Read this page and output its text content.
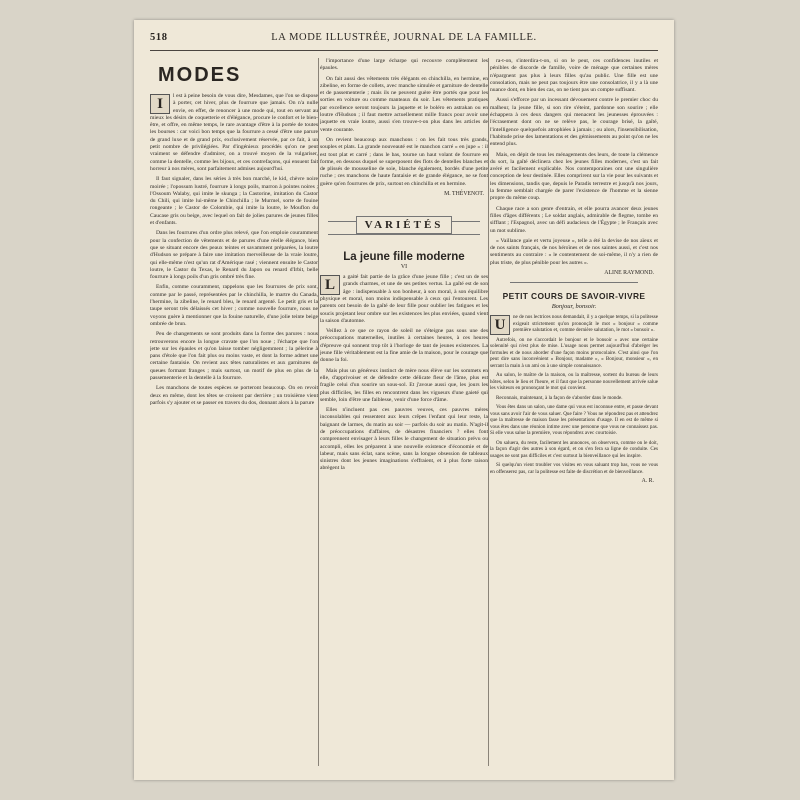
LA MODE ILLUSTRÉE, JOURNAL DE LA FAMILLE.
518
MODES

I	l est à peine besoin de vous dire, Mesdames, que l'on se dispose à porter, cet hiver, plus de fourrure que jamais. On n'a nulle envie, en effet, de renoncer à une mode qui, tout en servant au mieux les désirs de coquetterie et d'élégance, procure le confort et le bien-être, et offre, en même temps, le rare avantage d'être à la portée de toutes les bourses : car voici bon temps que la fourrure a cessé d'être une parure de grand luxe et de grand prix, exclusivement réservée, par ce fait, à un petit nombre de privilégiées. Par d'ingénieux procédés qu'on ne peut vraiment se défendre d'admirer, on a trouvé moyen de la vulgariser, comme la dentelle, comme les bijoux, et ces contrefaçons, qui ensuent fait horreur à nos mères, sont parfaitement admises aujourd'hui.

Il faut signaler, dans les séries à très bon marché, le kid, chèvre noire moirée ; l'opossum lustré, fourrure à longs poils, marron à pointes noires ; l'Ossoum Walaby, qui imite le skunga ; la Castorine, imitation du Castor du Chili, qui imite lui-même le Chinchilla ; le Murmel, sorte de fouine rongeante ; le Castor de Colombie, qui imite la loutre, le Mouflon du Caucase gris ou beige, avec lequel on fait de jolies parures de jeunes filles et d'enfants.

Dans les fourrures d'un ordre plus relevé, que l'on emploie couramment pour la confection de vêtements et de parures d'une réelle élégance, bien que se situant encore des peaux teintes et savamment préparées, la loutre d'Hudson se prépare à faire une imitation merveilleuse de la vraie loutre, qui elle-même n'est qu'un rat d'Amérique rasé ; viennent ensuite le Castor loutre, le Castor du Texas, le Renard du Japon ou renard d'Irbit, belle fourrure à longs poils d'un gris ombré très fine.

Enfin, comme couramment, rappelons que les fourrures de prix sont, comme par le passé, représentées par le chinchilla, le martre du Canada, l'hermine, la zibeline, le renard bleu, le renard argenté. Le petit gris et la taupe seront très délaissés cet hiver ; comme nouvelle fourrure, nous ne voyons guère à mentionner que la fouine naturelle, d'une jolie teinte beige ombrée de brun.

Peu de changements se sont produits dans la forme des parures : nous retrouverons encore la longue cravate que l'on noue ; l'écharpe que l'on jette sur les épaules et qu'on laisse tomber négligemment ; la pèlerine à pans d'étole que l'on fait plus ou moins vaste, et dont la forme admet une certaine fantaisie. On revient aux têtes naturalistes et aux garnitures de queues formant franges ; mais surtout, un motif de plus en plus de la passementerie et la dentelle à la fourrure.

Les manchons de toutes espèces se porteront beaucoup. On en revoit deux en même, dont les têtes se croisent par derrière ; un troisième vient parfois s'y ajouter et se passer en travers du dos, donnant alors à la parure

l'importance d'une large écharpe qui recouvre complètement les épaules.

On fait aussi des vêtements très élégants en chinchilla, en hermine, en zibeline, en forme de collets, avec manche simulée et garniture de dentelle et de passementerie ; mais ils ne peuvent guère être portés que pour les sorties en voiture ou comme manteaux du soir. Les vêtements pratiques par excellence seront toujours la jaquette et le boléro en astrakan ou en loutre d'Hudson ; il faut mettre actuellement mille francs pour avoir une jaquette en vraie loutre, aussi s'en trouve-t-on plus dans les articles de vente courante.

On revient beaucoup aux manchons : on les fait tous très grands, souples et plats. La grande nouveauté est le manchon carré « en jupe » : il est tout plat et carré ; dans le bas, tourne un haut volant de fourrure en forme, en dessous duquel se superposent des flots de dentelles blanches et de plissés de mousseline de soie, blanche également, bordés d'une petite ruche ; ces manchons de haute fantaisie et de grande élégance, ne se font guère qu'en fourrures de prix, surtout en chinchilla et en hermine.

M. THÉVENOT.
VARIÉTÉS
La jeune fille moderne
VI

L	a gaité fait partie de la grâce d'une jeune fille ; c'est un de ses grands charmes, et une de ses petites vertus. La gaîté est de son âge : indispensable à son bonheur, à son moral, à son équilibre physique et moral, non moins indispensable à ceux qui l'entourent. Les parents ont besoin de la gaîté de leur fille pour oublier les fatigues et les soucis projetant leur ombre sur les existences les plus enviées, quand vient la saison d'automne.

Veillez à ce que ce rayon de soleil ne s'éteigne pas sous une des préoccupations maternelles, inutiles à certaines heures, à ces heures d'épreuve qui sonnent trop tôt à l'horloge de tant de jeunes existences. La jeune fille véritablement est la fine amie de la maison, pour le courage que donne la foi.

Mais plus un généreux instinct de mère nous élève sur les sommets en elle, d'apprivoiser et de défendre cette délicate fleur de l'âme, plus est fragile celui d'un sourire un sous-sol. Et j'avoue aussi que, les jours les plus difficiles, les filles en rencontrent dans les vigueurs d'une gaieté qui semble, loin d'être une faiblesse, venir d'une force d'âme.

Elles n'incluent pas ces pauvres veuves, ces pauvres mères inconsolables qui ressentent aux leurs crêpes l'enfant qui leur reste, la baignant de larmes, du matin au soir — parfois du soir au matin. N'agit-il de préoccupations d'affaires, de désastres financiers ? elles font comprennent envisager à leurs filles le changement de situation prévu ou accompli, elles les préparent à une nouvelle existence d'économie et de labeur, mais sans éclat, sans scène, sans la longue obsession de tableaux sinistres dont les jeunes imaginations s'effraient, et à plus forte raison abrègent la

ra-t-on, s'interdira-t-on, si on le peut, ces confidences inutiles et pénibles de discorde de famille, voire de ménage que certaines mères n'épargnent pas plus à leurs filles qu'au public. Une fille est une consolation, mais ne peut pas toujours être une consolatrice, il y a là une nuance dont, en bien des cas, on ne tient pas un compte suffisant.

Aussi s'efforce par un incessant dévouement contre le premier choc du malheur, la jeune fille, si son rire s'éteint, pardonne son sourire ; elle échappera à ces deux dangers qui menacent les jeunesses éprouvées : l'écrasement dont on ne se relève pas, le courage brisé, la gaîté, l'intelligence quelquefois atrophiées à jamais ; ou alors, l'insensibilisation, l'habitude prise des lamentations et des gémissements au point qu'on ne les entend plus.

Mais, en dépit de tous les ménagements des leurs, de toute la clémence du sort, la gaîté déclinera chez les jeunes filles modernes, c'est un fait avéré et facilement explicable. Nos contemporaines ont une singulière conception de leur destinée. Elles comprirent sur la vie pour les suivants et les dimensions, tandis que, depuis le Paradis terrestre et jusqu'à nos jours, la femme semblait chargée de parer l'existence de l'homme et la sienne propre du même coup.

Chaque race a son genre d'entrain, et elle pourra avancer deux jeunes filles d'âges différents ; Le soldat anglais, admirable de flegme, tombe en sifflant ; l'Espagnol, avec un défi audacieux de l'Égypte ; le Français avec un mot sublime.

« Vaillance gaie et vertu joyeuse », telle a été la devise de nos aïeux et de nos saints français, de nos héroïnes et de nos saintes aussi, et c'est nos sentiments au contraire : « le contentement de soi-même, il n'y a rien de plus triste, de plus pénible pour les autres ».

ALINE RAYMOND.
PETIT COURS DE SAVOIR-VIVRE
Bonjour, bonsoir.

U	ne de nos lectrices nous demandait, il y a quelque temps, si la politesse exigeait strictement qu'on prononçât le mot « bonjour » comme première salutation et, comme dernière salutation, le mot « bonsoir ».

Autrefois, on ne s'accordait le bonjour et le bonsoir » avec une certaine solennité qui n'est plus de mise. L'usage nous permet aujourd'hui d'abréger les formules et de nous aborder d'une façon moins protocolaire. C'est ainsi que l'on peut dire sans inconvénient « Bonjour, madame », « Bonjour, monsieur », en serrant la main à un ami ou à une simple connaissance.

Au salon, le maître de la maison, ou la maîtresse, sortent du bureau de leurs hôtes, selon le lieu et l'heure, et il faut que la personne nouvellement arrivée salue les visiteurs en prononçant le mot qui convient.

Reconnais, maintenant, à la façon de s'aborder dans le monde.

Vous êtes dans un salon, une dame qui vous est inconnue entre, et passe devant vous sans avoir l'air de vous saluer. Que faire ? Vous ne répondrez pas et attendrez que la maîtresse de maison fasse les présentations d'usage. Il en est de même si vous êtes dans une réunion intime avec une personne que vous ne connaissez pas. Si elle vous salue la première, vous répondrez avec courtoisie.

On saluera, du reste, facilement les annonces, on observera, comme on le doit, la façon d'agir des autres à son égard, et on s'en fera sa ligne de conduite. Ces usages ne sont pas difficiles et c'est surtout la bienveillance qui les inspire.

Si quelqu'un vient troubler vos visites en vous saluant trop bas, vous ne vous en offenserez pas, car la politesse est faite de discrétion et de bienveillance.

A. R.
